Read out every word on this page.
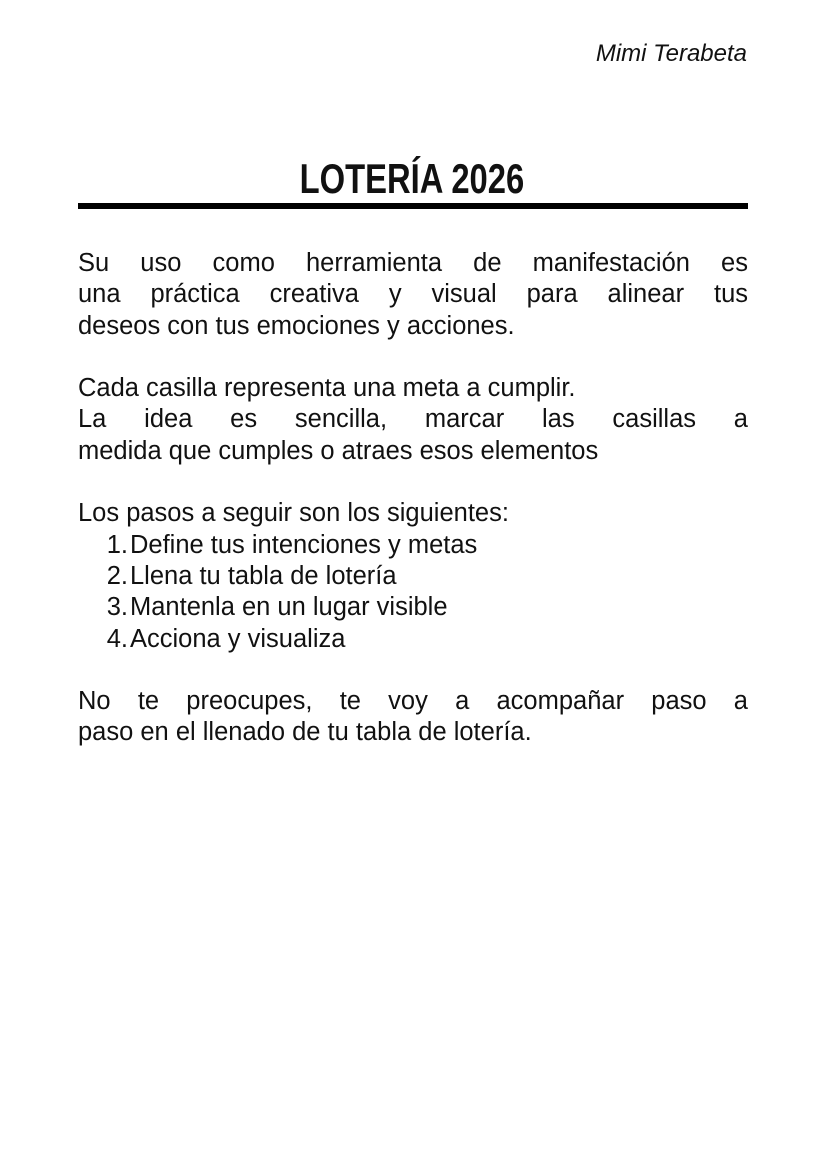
Mimi Terabeta
LOTERÍA 2026
Su uso como herramienta de manifestación es
una práctica creativa y visual para alinear tus
deseos con tus emociones y acciones.
Cada casilla representa una meta a cumplir.
La idea es sencilla, marcar las casillas a
medida que cumples o atraes esos elementos
Los pasos a seguir son los siguientes:
1.Define tus intenciones y metas
2.Llena tu tabla de lotería
3.Mantenla en un lugar visible
4.Acciona y visualiza
No te preocupes, te voy a acompañar paso a
paso en el llenado de tu tabla de lotería.
